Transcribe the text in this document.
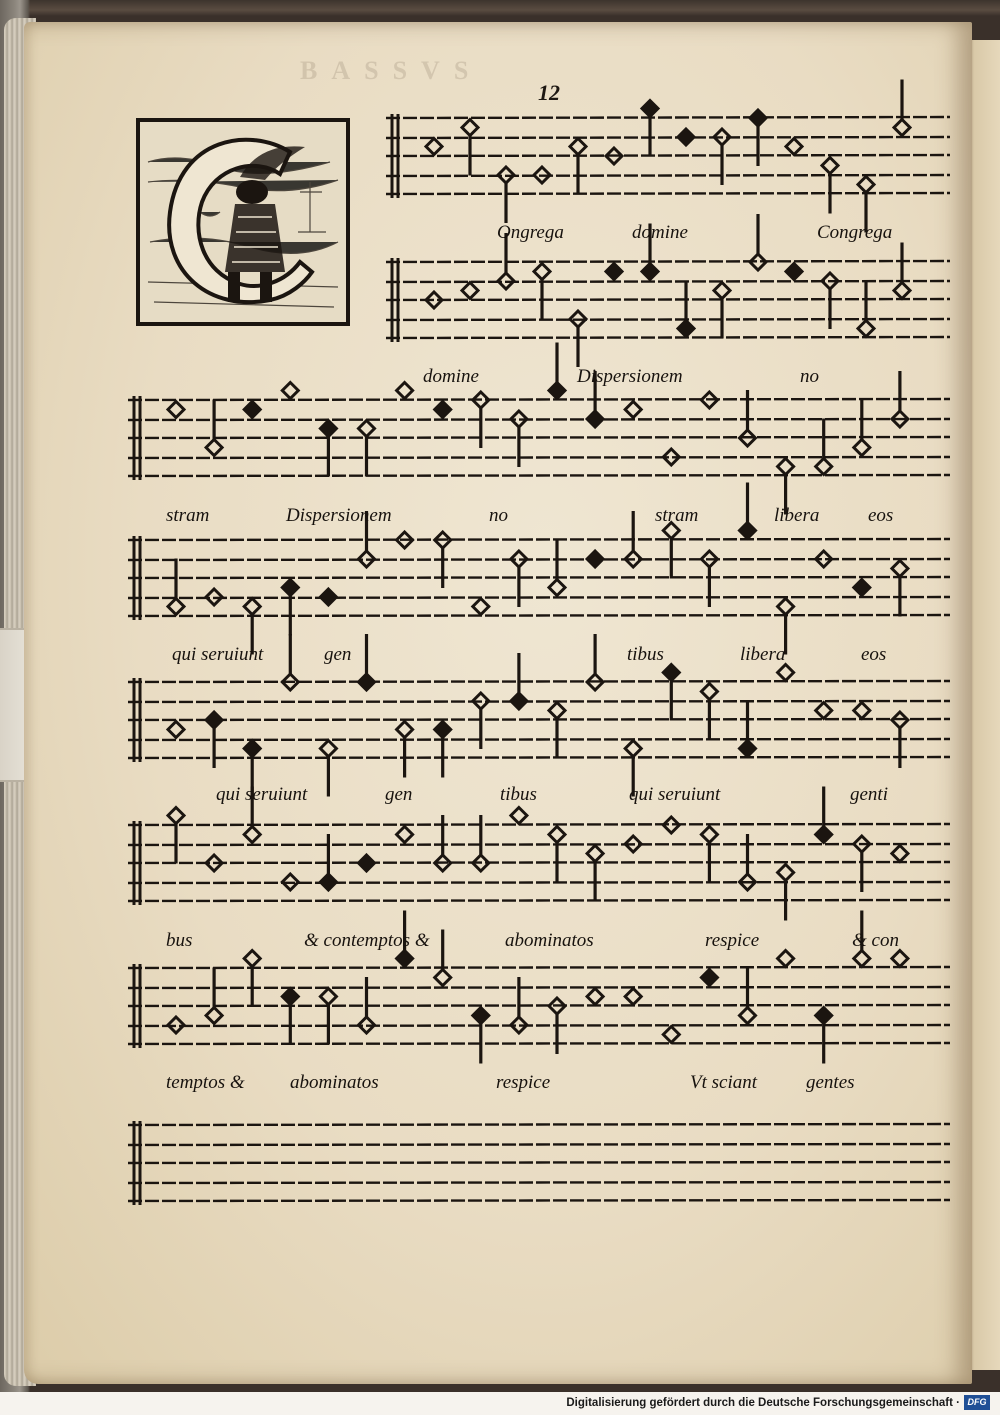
BASSVS
12
Ongrega	domine	Congrega
domine	Dispersionem	no
stram	Dispersionem	no	stram	libera	eos
qui seruiunt	gen	tibus	libera	eos
qui seruiunt	gen	tibus	qui seruiunt	genti
bus	& contemptos &	abominatos	respice	& con
temptos & abominatos	respice	Vt sciant	gentes
Digitalisierung gefördert durch die Deutsche Forschungsgemeinschaft · DFG
